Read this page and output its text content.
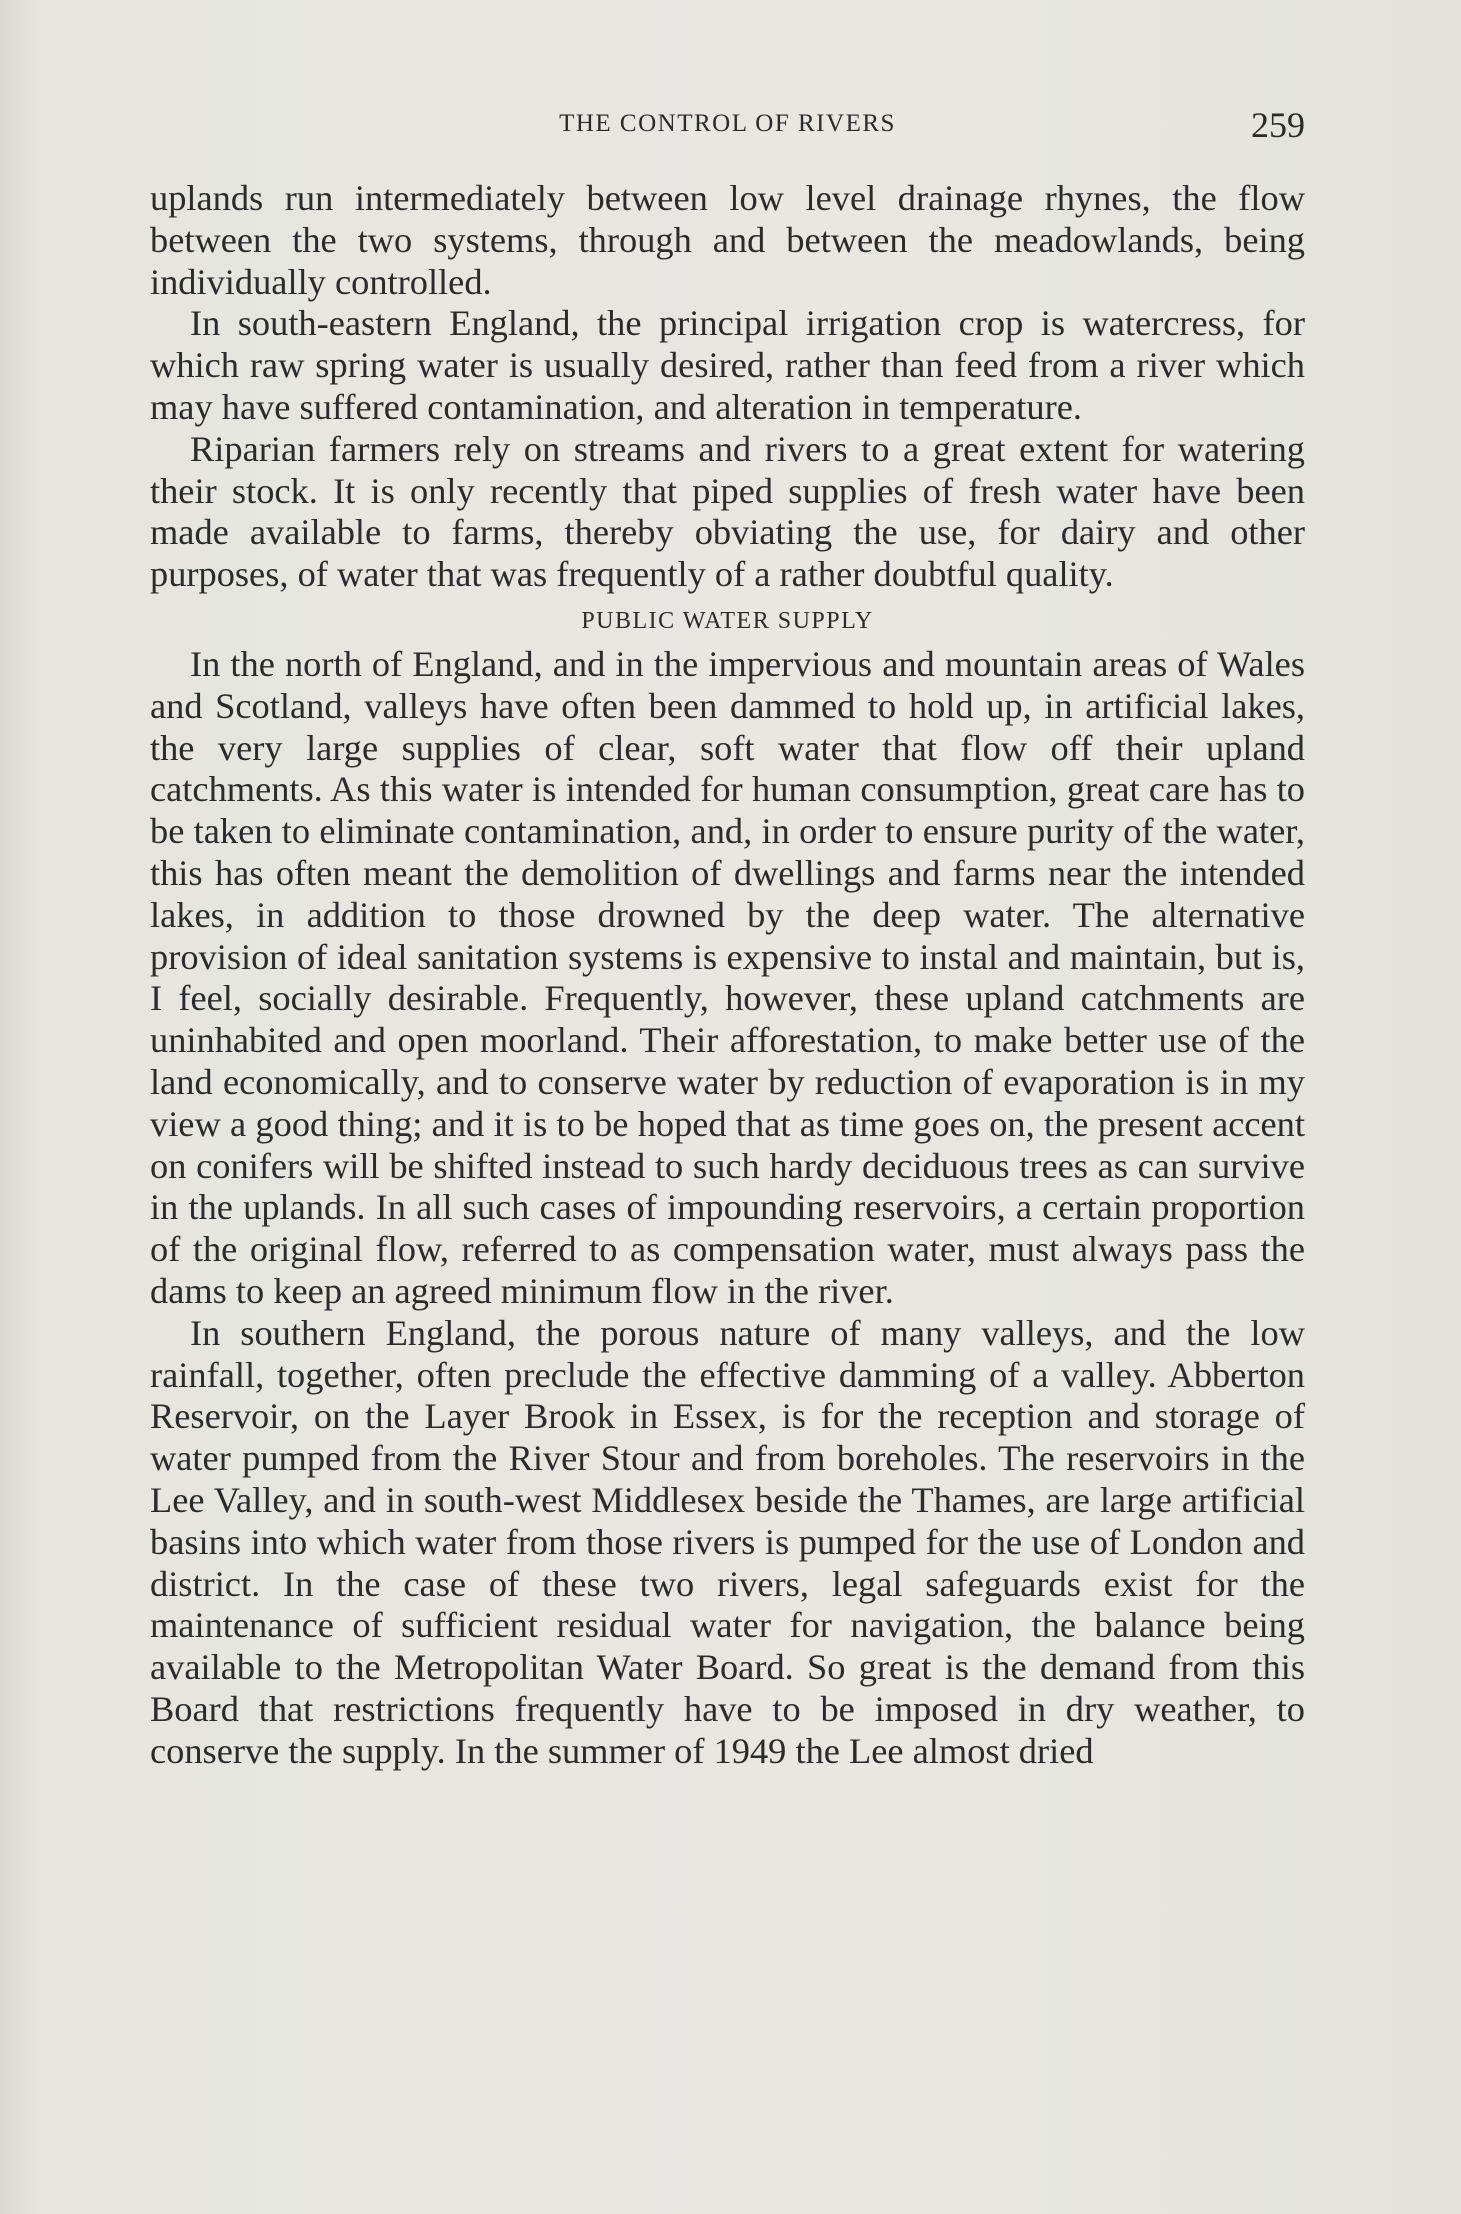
THE CONTROL OF RIVERS	259

uplands run intermediately between low level drainage rhynes, the flow between the two systems, through and between the meadowlands, being individually controlled.

In south-eastern England, the principal irrigation crop is watercress, for which raw spring water is usually desired, rather than feed from a river which may have suffered contamination, and alteration in temperature.

Riparian farmers rely on streams and rivers to a great extent for watering their stock. It is only recently that piped supplies of fresh water have been made available to farms, thereby obviating the use, for dairy and other purposes, of water that was frequently of a rather doubtful quality.

PUBLIC WATER SUPPLY

In the north of England, and in the impervious and mountain areas of Wales and Scotland, valleys have often been dammed to hold up, in artificial lakes, the very large supplies of clear, soft water that flow off their upland catchments. As this water is intended for human consumption, great care has to be taken to eliminate contamination, and, in order to ensure purity of the water, this has often meant the demolition of dwellings and farms near the intended lakes, in addition to those drowned by the deep water. The alternative provision of ideal sanitation systems is expensive to instal and maintain, but is, I feel, socially desirable. Frequently, however, these upland catchments are uninhabited and open moorland. Their afforestation, to make better use of the land economically, and to conserve water by reduction of evaporation is in my view a good thing; and it is to be hoped that as time goes on, the present accent on conifers will be shifted instead to such hardy deciduous trees as can survive in the uplands. In all such cases of impounding reservoirs, a certain proportion of the original flow, referred to as compensation water, must always pass the dams to keep an agreed minimum flow in the river.

In southern England, the porous nature of many valleys, and the low rainfall, together, often preclude the effective damming of a valley. Abberton Reservoir, on the Layer Brook in Essex, is for the reception and storage of water pumped from the River Stour and from boreholes. The reservoirs in the Lee Valley, and in south-west Middlesex beside the Thames, are large artificial basins into which water from those rivers is pumped for the use of London and district. In the case of these two rivers, legal safeguards exist for the maintenance of sufficient residual water for navigation, the balance being available to the Metropolitan Water Board. So great is the demand from this Board that restrictions frequently have to be imposed in dry weather, to conserve the supply. In the summer of 1949 the Lee almost dried
